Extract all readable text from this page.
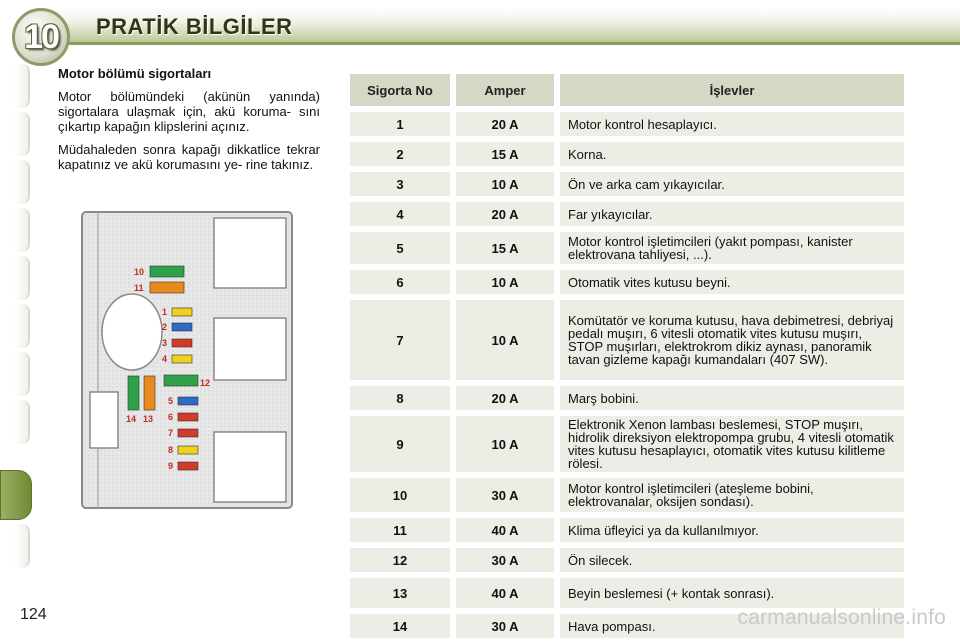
10 PRATİK BİLGİLER
Motor bölümü sigortaları

Motor bölümündeki (akünün yanında) sigortalara ulaşmak için, akü koruma- sını çıkartıp kapağın klipslerini açınız.

Müdahaleden sonra kapağı dikkatlice tekrar kapatınız ve akü korumasını ye- rine takınız.

10
11
1
2
3
4
12
5
6
7
8
9
14 13
Sigorta No	Amper	İşlevler
1	20 A	Motor kontrol hesaplayıcı.
2	15 A	Korna.
3	10 A	Ön ve arka cam yıkayıcılar.
4	20 A	Far yıkayıcılar.
5	15 A	Motor kontrol işletimcileri (yakıt pompası, kanister elektrovana tahliyesi, ...).
6	10 A	Otomatik vites kutusu beyni.
7	10 A	Komütatör ve koruma kutusu, hava debimetresi, debriyaj pedalı muşırı, 6 vitesli otomatik vites kutusu muşırı, STOP muşırları, elektrokrom dikiz aynası, panoramik tavan gizleme kapağı kumandaları (407 SW).
8	20 A	Marş bobini.
9	10 A	Elektronik Xenon lambası beslemesi, STOP muşırı, hidrolik direksiyon elektropompa grubu, 4 vitesli otomatik vites kutusu hesaplayıcı, otomatik vites kutusu kilitleme rölesi.
10	30 A	Motor kontrol işletimcileri (ateşleme bobini, elektrovanalar, oksijen sondası).
11	40 A	Klima üfleyici ya da kullanılmıyor.
12	30 A	Ön silecek.
13	40 A	Beyin beslemesi (+ kontak sonrası).
14	30 A	Hava pompası.
124	carmanualsonline.info
